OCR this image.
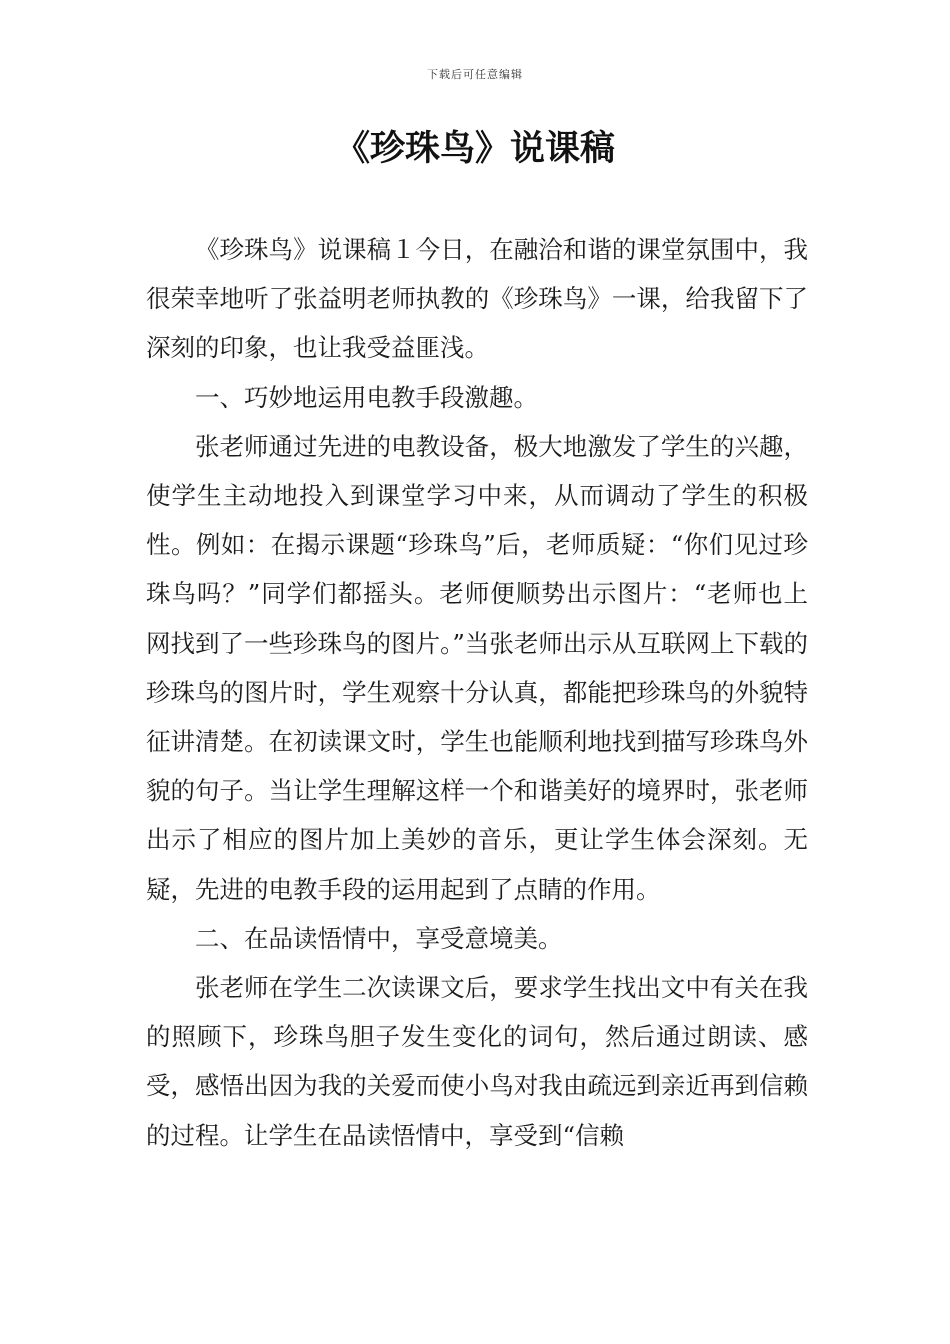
下载后可任意编辑
《珍珠鸟》说课稿

《珍珠鸟》说课稿１今日，在融洽和谐的课堂氛围中，我很荣幸地听了张益明老师执教的《珍珠鸟》一课，给我留下了深刻的印象，也让我受益匪浅。

一、巧妙地运用电教手段激趣。

张老师通过先进的电教设备，极大地激发了学生的兴趣，使学生主动地投入到课堂学习中来，从而调动了学生的积极性。例如：在揭示课题“珍珠鸟”后，老师质疑：“你们见过珍珠鸟吗？”同学们都摇头。老师便顺势出示图片：“老师也上网找到了一些珍珠鸟的图片。”当张老师出示从互联网上下载的珍珠鸟的图片时，学生观察十分认真，都能把珍珠鸟的外貌特征讲清楚。在初读课文时，学生也能顺利地找到描写珍珠鸟外貌的句子。当让学生理解这样一个和谐美好的境界时，张老师出示了相应的图片加上美妙的音乐，更让学生体会深刻。无疑，先进的电教手段的运用起到了点睛的作用。

二、在品读悟情中，享受意境美。

张老师在学生二次读课文后，要求学生找出文中有关在我的照顾下，珍珠鸟胆子发生变化的词句，然后通过朗读、感受，感悟出因为我的关爱而使小鸟对我由疏远到亲近再到信赖的过程。让学生在品读悟情中，享受到“信赖
